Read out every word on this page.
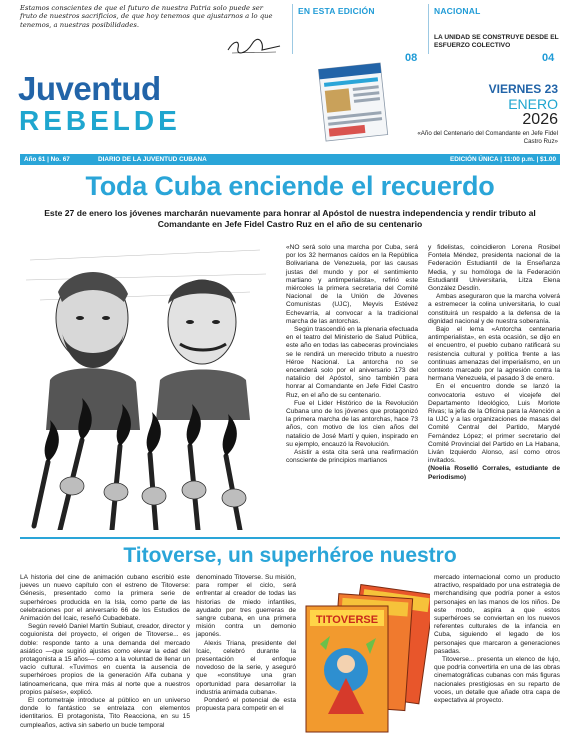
Estamos conscientes de que el futuro de nuestra Patria solo puede ser fruto de nuestros sacrificios, de que hoy tenemos que ajustarnos a lo que tenemos, a nuestras posibilidades.
EN ESTA EDICIÓN
08
NACIONAL
LA UNIDAD SE CONSTRUYE DESDE EL ESFUERZO COLECTIVO
04
Juventud
REBELDE
VIERNES 23
ENERO
2026
«Año del Centenario del Comandante en Jefe Fidel Castro Ruz»
Año 61 | No. 67	DIARIO DE LA JUVENTUD CUBANA	EDICIÓN ÚNICA | 11:00 p.m. | $1.00
Toda Cuba enciende el recuerdo
Este 27 de enero los jóvenes marcharán nuevamente para honrar al Apóstol de nuestra independencia y rendir tributo al Comandante en Jefe Fidel Castro Ruz en el año de su centenario

«NO será solo una marcha por Cuba, será por los 32 hermanos caídos en la República Bolivariana de Venezuela, por las causas justas del mundo y por el sentimiento martiano y antimperialista», refirió este miércoles la primera secretaria del Comité Nacional de la Unión de Jóvenes Comunistas (UJC), Meyvis Estévez Echevarría, al convocar a la tradicional marcha de las antorchas.

Según trascendió en la plenaria efectuada en el teatro del Ministerio de Salud Pública, este año en todas las cabeceras provinciales se le rendirá un merecido tributo a nuestro Héroe Nacional. La antorcha no se encenderá solo por el aniversario 173 del natalicio del Apóstol, sino también para honrar al Comandante en Jefe Fidel Castro Ruz, en el año de su centenario.

Fue el Líder Histórico de la Revolución Cubana uno de los jóvenes que protagonizó la primera marcha de las antorchas, hace 73 años, con motivo de los cien años del natalicio de José Martí y quien, inspirado en su ejemplo, encauzó la Revolución.

Asistir a esta cita será una reafirmación consciente de principios martianos

y fidelistas, coincidieron Lorena Rosibel Fontela Méndez, presidenta nacional de la Federación Estudiantil de la Enseñanza Media, y su homóloga de la Federación Estudiantil Universitaria, Litza Elena González Desdín.

Ambas aseguraron que la marcha volverá a estremecer la colina universitaria, lo cual constituirá un respaldo a la defensa de la dignidad nacional y de nuestra soberanía.

Bajo el lema «Antorcha centenaria antimperialista», en esta ocasión, se dijo en el encuentro, el pueblo cubano ratificará su resistencia cultural y política frente a las continuas amenazas del imperialismo, en un contexto marcado por la agresión contra la hermana Venezuela, el pasado 3 de enero.

En el encuentro donde se lanzó la convocatoria estuvo el vicejefe del Departamento Ideológico, Luis Morlote Rivas; la jefa de la Oficina para la Atención a la UJC y a las organizaciones de masas del Comité Central del Partido, Marydé Fernández López; el primer secretario del Comité Provincial del Partido en La Habana, Liván Izquierdo Alonso, así como otros invitados.

(Noelia Roselló Corrales, estudiante de Periodismo)

Titoverse, un superhéroe nuestro

LA historia del cine de animación cubano escribió este jueves un nuevo capítulo con el estreno de Titoverse: Génesis, presentado como la primera serie de superhéroes producida en la Isla, como parte de las celebraciones por el aniversario 66 de los Estudios de Animación del Icaic, reseñó Cubadebate.

Según reveló Daniel Martín Subiaut, creador, director y coguionista del proyecto, el origen de Titoverse... es doble: responde tanto a una demanda del mercado asiático —que sugirió ajustes como elevar la edad del protagonista a 15 años— como a la voluntad de llenar un vacío cultural. «Tuvimos en cuenta la ausencia de superhéroes propios de la generación Alfa cubana y latinoamericana, que mira más al norte que a nuestros propios países», explicó.

El cortometraje introduce al público en un universo donde lo fantástico se entrelaza con elementos identitarios. El protagonista, Tito Reacciona, en su 15 cumpleaños, activa sin saberlo un bucle temporal

denominado Titoverse. Su misión, para romper el ciclo, será enfrentar al creador de todas las historias de miedo infantiles, ayudado por tres guerreras de sangre cubana, en una primera misión contra un demonio japonés.

Alexis Triana, presidente del Icaic, celebró durante la presentación el enfoque novedoso de la serie, y aseguró que «constituye una gran oportunidad para desarrollar la industria animada cubana».

Ponderó el potencial de esta propuesta para competir en el

TITOVERSE

mercado internacional como un producto atractivo, respaldado por una estrategia de merchandising que podría poner a estos personajes en las manos de los niños. De este modo, aspira a que estos superhéroes se conviertan en los nuevos referentes culturales de la infancia en Cuba, siguiendo el legado de los personajes que marcaron a generaciones pasadas.

Titoverse... presenta un elenco de lujo, que podría convertirla en una de las obras cinematográficas cubanas con más figuras nacionales prestigiosas en su reparto de voces, un detalle que añade otra capa de expectativa al proyecto.
